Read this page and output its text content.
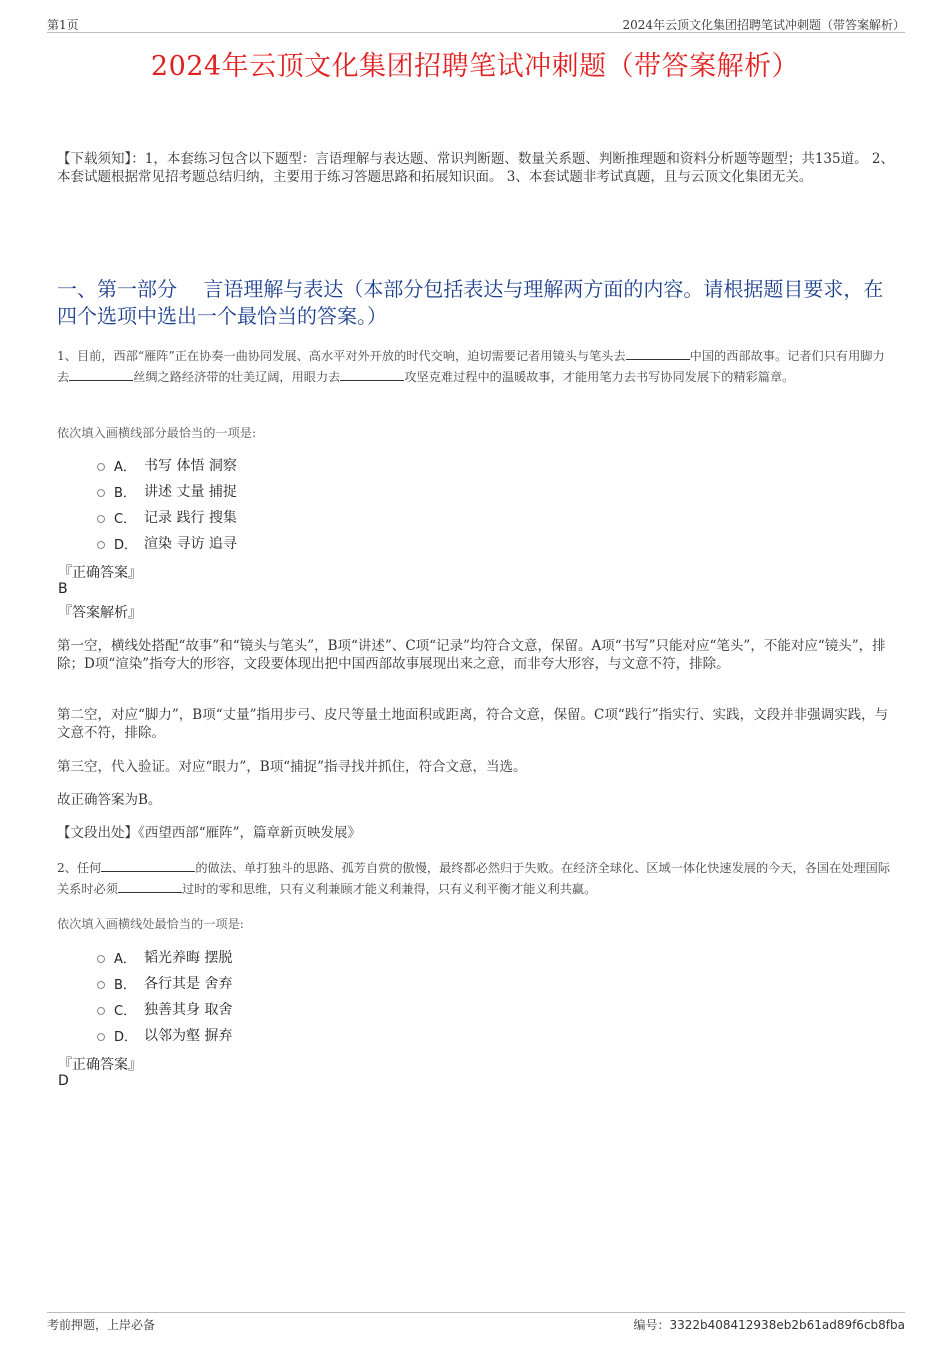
第1页	2024年云顶文化集团招聘笔试冲刺题（带答案解析）
2024年云顶文化集团招聘笔试冲刺题（带答案解析）
【下载须知】：1，本套练习包含以下题型：言语理解与表达题、常识判断题、数量关系题、判断推理题和资料分析题等题型；共135道。 2、本套试题根据常见招考题总结归纳，主要用于练习答题思路和拓展知识面。 3、本套试题非考试真题，且与云顶文化集团无关。
一、第一部分　 言语理解与表达（本部分包括表达与理解两方面的内容。请根据题目要求，在四个选项中选出一个最恰当的答案。）
1、目前，西部“雁阵”正在协奏一曲协同发展、高水平对外开放的时代交响，迫切需要记者用镜头与笔头去	中国的西部故事。记者们只有用脚力去	丝绸之路经济带的壮美辽阔，用眼力去	攻坚克难过程中的温暖故事，才能用笔力去书写协同发展下的精彩篇章。
依次填入画横线部分最恰当的一项是:
A． 书写 体悟 洞察
B． 讲述 丈量 捕捉
C． 记录 践行 搜集
D． 渲染 寻访 追寻
『正确答案』
B
『答案解析』
第一空，横线处搭配“故事”和“镜头与笔头”，B项“讲述”、C项“记录”均符合文意，保留。A项“书写”只能对应“笔头”，不能对应“镜头”，排除；D项“渲染”指夸大的形容，文段要体现出把中国西部故事展现出来之意，而非夸大形容，与文意不符，排除。
第二空，对应“脚力”，B项“丈量”指用步弓、皮尺等量土地面积或距离，符合文意，保留。C项“践行”指实行、实践，文段并非强调实践，与文意不符，排除。
第三空，代入验证。对应“眼力”，B项“捕捉”指寻找并抓住，符合文意，当选。
故正确答案为B。
【文段出处】《西望西部“雁阵”，篇章新页映发展》
2、任何	的做法、单打独斗的思路、孤芳自赏的傲慢，最终都必然归于失败。在经济全球化、区域一体化快速发展的今天，各国在处理国际关系时必须	过时的零和思维，只有义利兼顾才能义利兼得，只有义利平衡才能义利共赢。
依次填入画横线处最恰当的一项是:
A． 韬光养晦 摆脱
B． 各行其是 舍弃
C． 独善其身 取舍
D． 以邻为壑 摒弃
『正确答案』
D
考前押题，上岸必备	编号：3322b408412938eb2b61ad89f6cb8fba
